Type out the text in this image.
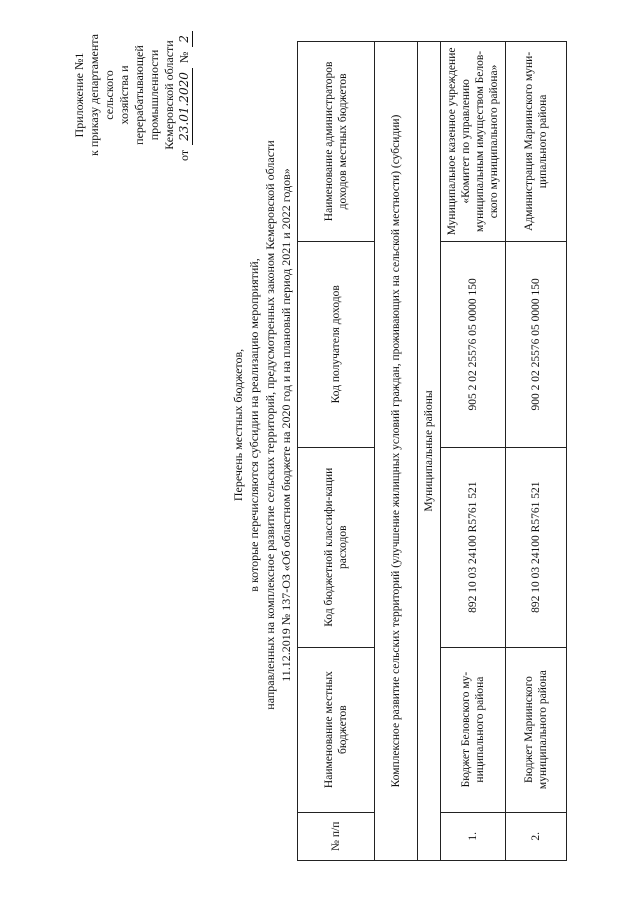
Приложение №1 к приказу департамента сельского хозяйства и перерабатывающей промышленности Кемеровской области
от 23.01.2020 № 2
Перечень местных бюджетов, в которые перечисляются субсидии на реализацию мероприятий, направленных на комплексное развитие сельских территорий, предусмотренных законом Кемеровской области 11.12.2019 № 137-ОЗ «Об областном бюджете на 2020 год и на плановый период 2021 и 2022 годов»
№ п/п	Наименование местных бюджетов	Код бюджетной классифи-кации расходов	Код получателя доходов	Наименование администраторов доходов местных бюджетов
Комплексное развитие сельских территорий (улучшение жилищных условий граждан, проживающих на сельской местности) (субсидии)				
Муниципальные районы				
1.	Бюджет Беловского му-ниципального района	892 10 03 24100 R5761 521	905 2 02 25576 05 0000 150	Муниципальное казенное учреждение «Комитет по управлению муниципальным имуществом Белов-ского муниципального района»
2.	Бюджет Мариинского муниципального района	892 10 03 24100 R5761 521	900 2 02 25576 05 0000 150	Администрация Мариинского муни-ципального района
